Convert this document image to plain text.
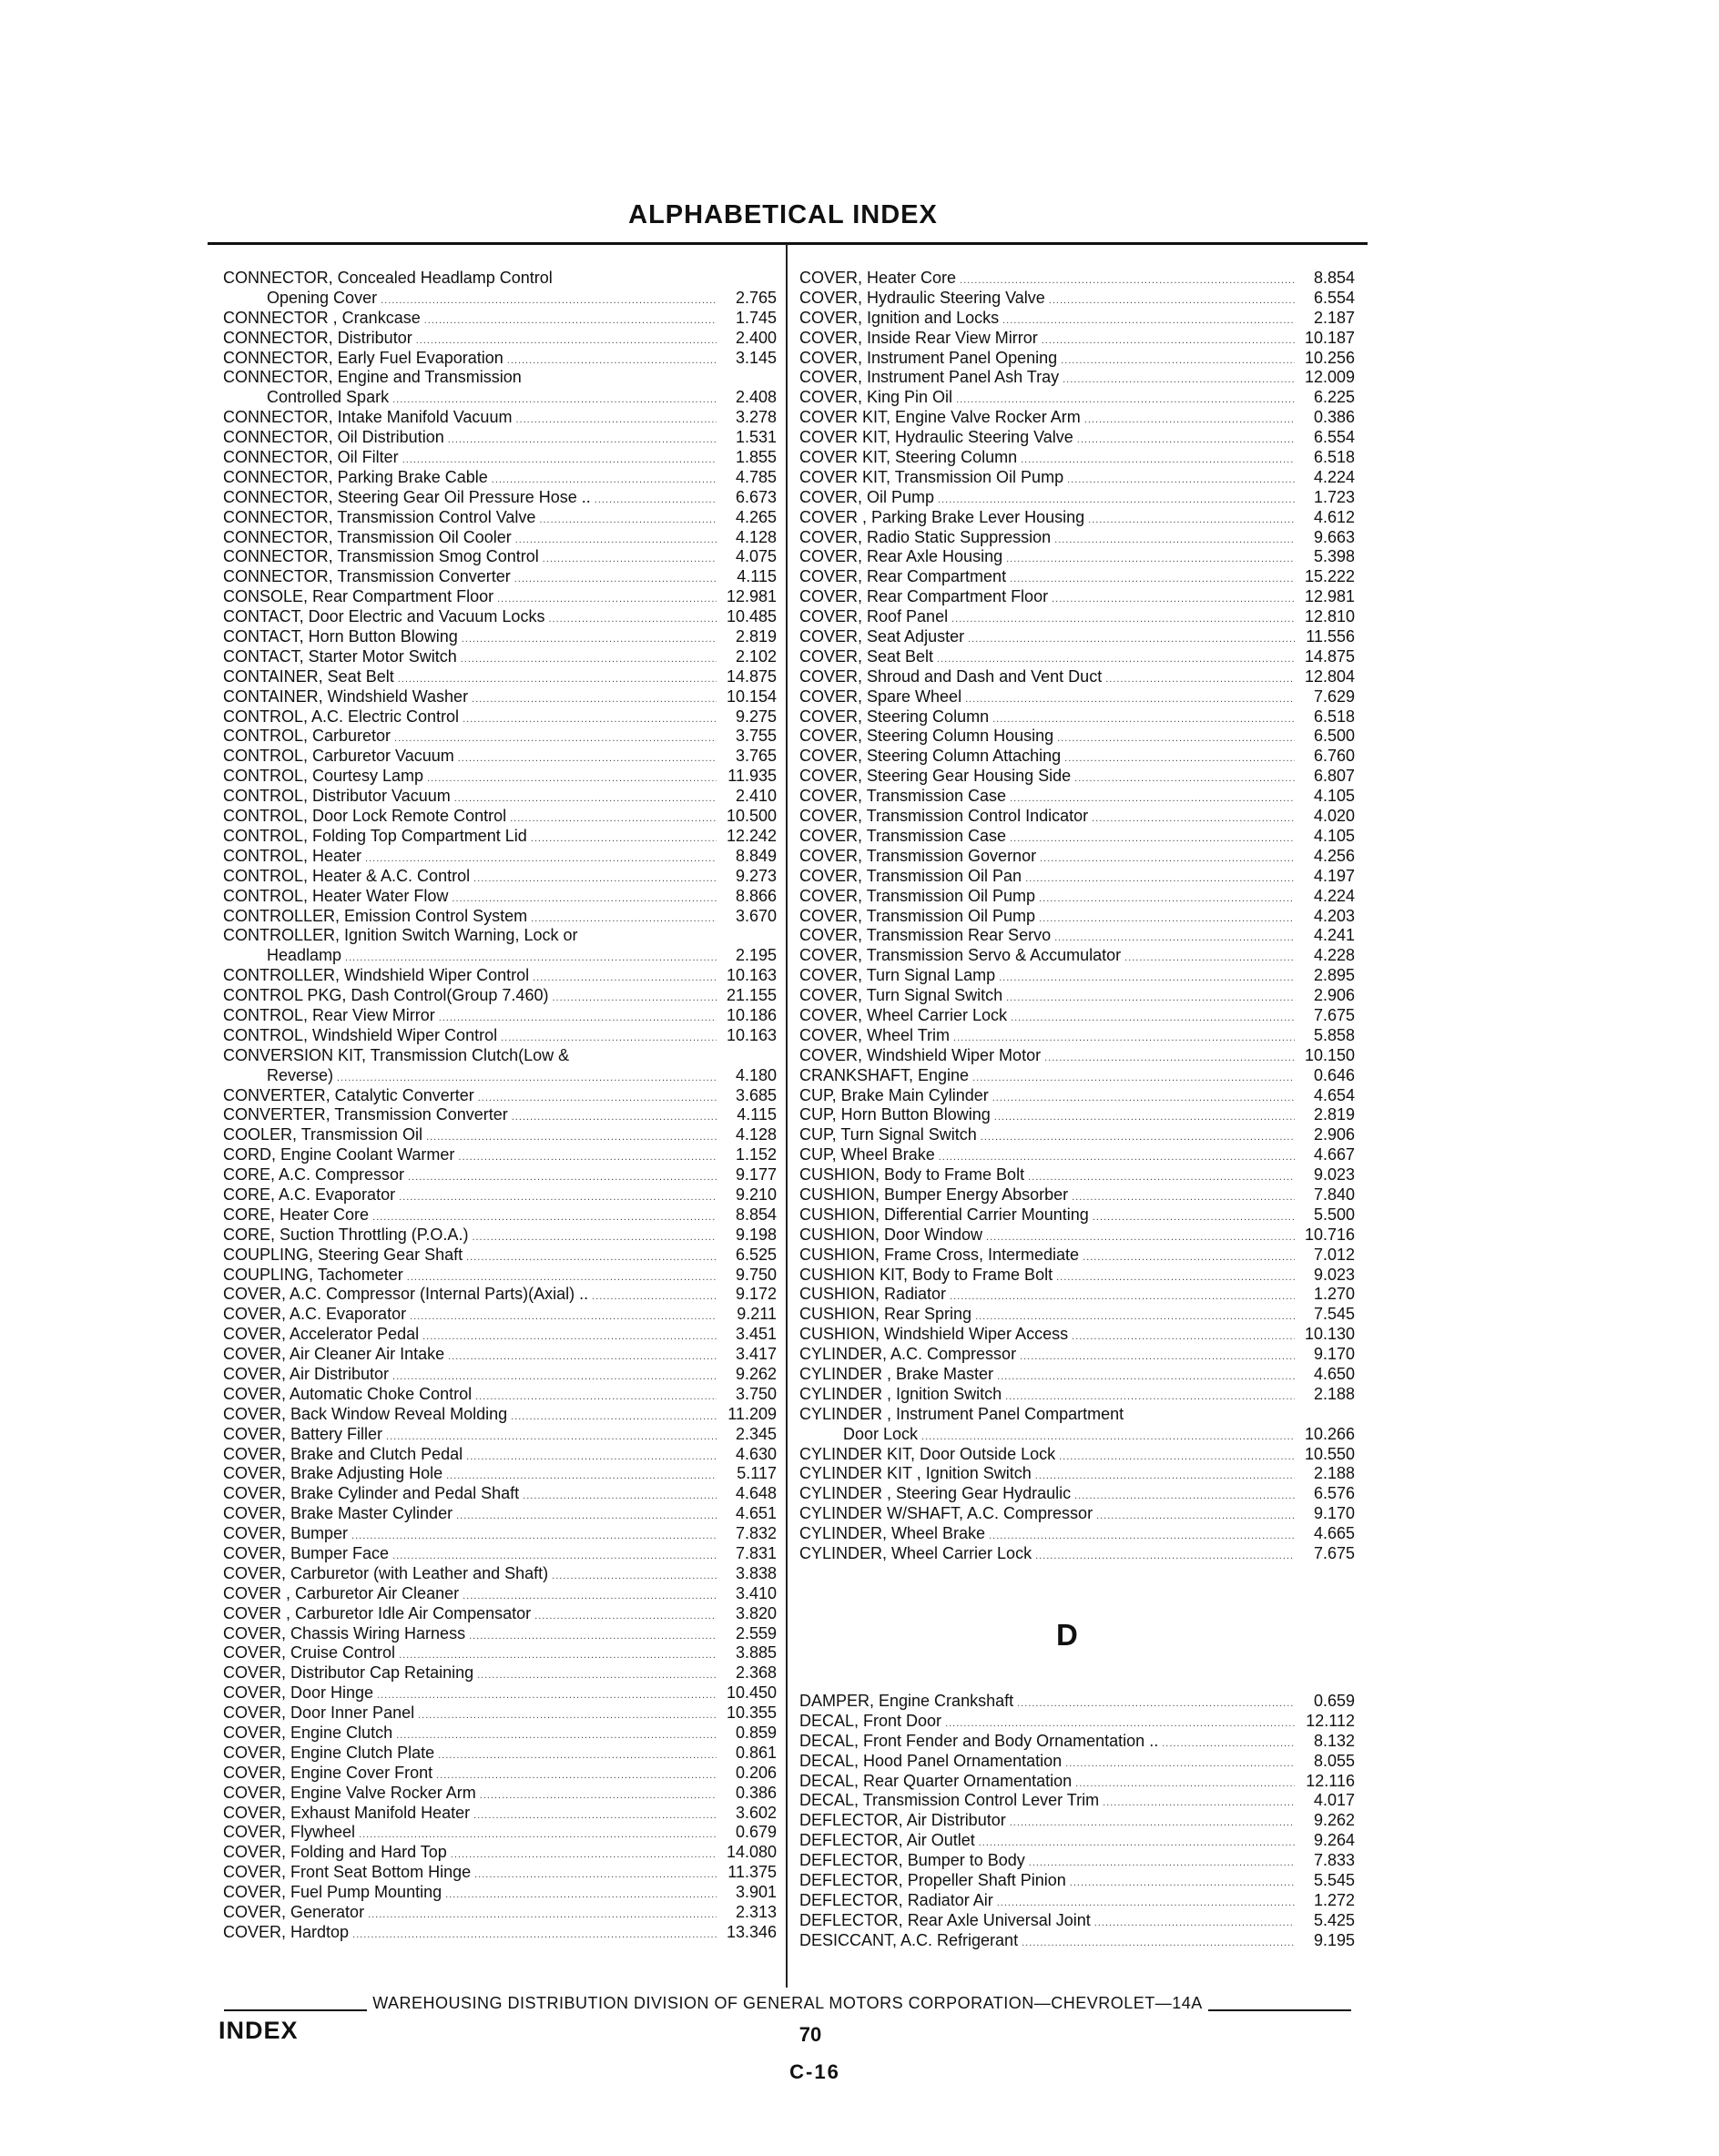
ALPHABETICAL INDEX
CONNECTOR, Concealed Headlamp Control
Opening Cover .....	2.765
CONNECTOR , Crankcase .....	1.745
CONNECTOR, Distributor .....	2.400
CONNECTOR, Early Fuel Evaporation .....	3.145
CONNECTOR, Engine and Transmission
Controlled Spark .....	2.408
CONNECTOR, Intake Manifold Vacuum .....	3.278
CONNECTOR, Oil Distribution .....	1.531
CONNECTOR, Oil Filter .....	1.855
CONNECTOR, Parking Brake Cable .....	4.785
CONNECTOR, Steering Gear Oil Pressure Hose .. .....	6.673
CONNECTOR, Transmission Control Valve .....	4.265
CONNECTOR, Transmission Oil Cooler .....	4.128
CONNECTOR, Transmission Smog Control .....	4.075
CONNECTOR, Transmission Converter .....	4.115
CONSOLE, Rear Compartment Floor .....	12.981
CONTACT, Door Electric and Vacuum Locks .....	10.485
CONTACT, Horn Button Blowing .....	2.819
CONTACT, Starter Motor Switch .....	2.102
CONTAINER, Seat Belt .....	14.875
CONTAINER, Windshield Washer .....	10.154
CONTROL, A.C. Electric Control .....	9.275
CONTROL, Carburetor .....	3.755
CONTROL, Carburetor Vacuum .....	3.765
CONTROL, Courtesy Lamp .....	11.935
CONTROL, Distributor Vacuum .....	2.410
CONTROL, Door Lock Remote Control .....	10.500
CONTROL, Folding Top Compartment Lid .....	12.242
CONTROL, Heater .....	8.849
CONTROL, Heater & A.C. Control .....	9.273
CONTROL, Heater Water Flow .....	8.866
CONTROLLER, Emission Control System .....	3.670
CONTROLLER, Ignition Switch Warning, Lock or
Headlamp .....	2.195
CONTROLLER, Windshield Wiper Control .....	10.163
CONTROL PKG, Dash Control(Group 7.460) .....	21.155
CONTROL, Rear View Mirror .....	10.186
CONTROL, Windshield Wiper Control .....	10.163
CONVERSION KIT, Transmission Clutch(Low &
Reverse) .....	4.180
CONVERTER, Catalytic Converter .....	3.685
CONVERTER, Transmission Converter .....	4.115
COOLER, Transmission Oil .....	4.128
CORD, Engine Coolant Warmer .....	1.152
CORE, A.C. Compressor .....	9.177
CORE, A.C. Evaporator .....	9.210
CORE, Heater Core .....	8.854
CORE, Suction Throttling (P.O.A.) .....	9.198
COUPLING, Steering Gear Shaft .....	6.525
COUPLING, Tachometer .....	9.750
COVER, A.C. Compressor (Internal Parts)(Axial) .. .....	9.172
COVER, A.C. Evaporator .....	9.211
COVER, Accelerator Pedal .....	3.451
COVER, Air Cleaner Air Intake .....	3.417
COVER, Air Distributor .....	9.262
COVER, Automatic Choke Control .....	3.750
COVER, Back Window Reveal Molding .....	11.209
COVER, Battery Filler .....	2.345
COVER, Brake and Clutch Pedal .....	4.630
COVER, Brake Adjusting Hole .....	5.117
COVER, Brake Cylinder and Pedal Shaft .....	4.648
COVER, Brake Master Cylinder .....	4.651
COVER, Bumper .....	7.832
COVER, Bumper Face .....	7.831
COVER, Carburetor (with Leather and Shaft) .....	3.838
COVER , Carburetor Air Cleaner .....	3.410
COVER , Carburetor Idle Air Compensator .....	3.820
COVER, Chassis Wiring Harness .....	2.559
COVER, Cruise Control .....	3.885
COVER, Distributor Cap Retaining .....	2.368
COVER, Door Hinge .....	10.450
COVER, Door Inner Panel .....	10.355
COVER, Engine Clutch .....	0.859
COVER, Engine Clutch Plate .....	0.861
COVER, Engine Cover Front .....	0.206
COVER, Engine Valve Rocker Arm .....	0.386
COVER, Exhaust Manifold Heater .....	3.602
COVER, Flywheel .....	0.679
COVER, Folding and Hard Top .....	14.080
COVER, Front Seat Bottom Hinge .....	11.375
COVER, Fuel Pump Mounting .....	3.901
COVER, Generator .....	2.313
COVER, Hardtop .....	13.346
COVER, Heater Core .....	8.854
COVER, Hydraulic Steering Valve .....	6.554
COVER, Ignition and Locks .....	2.187
COVER, Inside Rear View Mirror .....	10.187
COVER, Instrument Panel Opening .....	10.256
COVER, Instrument Panel Ash Tray .....	12.009
COVER, King Pin Oil .....	6.225
COVER KIT, Engine Valve Rocker Arm .....	0.386
COVER KIT, Hydraulic Steering Valve .....	6.554
COVER KIT, Steering Column .....	6.518
COVER KIT, Transmission Oil Pump .....	4.224
COVER, Oil Pump .....	1.723
COVER , Parking Brake Lever Housing .....	4.612
COVER, Radio Static Suppression .....	9.663
COVER, Rear Axle Housing .....	5.398
COVER, Rear Compartment .....	15.222
COVER, Rear Compartment Floor .....	12.981
COVER, Roof Panel .....	12.810
COVER, Seat Adjuster .....	11.556
COVER, Seat Belt .....	14.875
COVER, Shroud and Dash and Vent Duct .....	12.804
COVER, Spare Wheel .....	7.629
COVER, Steering Column .....	6.518
COVER, Steering Column Housing .....	6.500
COVER, Steering Column Attaching .....	6.760
COVER, Steering Gear Housing Side .....	6.807
COVER, Transmission Case .....	4.105
COVER, Transmission Control Indicator .....	4.020
COVER, Transmission Case .....	4.105
COVER, Transmission Governor .....	4.256
COVER, Transmission Oil Pan .....	4.197
COVER, Transmission Oil Pump .....	4.224
COVER, Transmission Oil Pump .....	4.203
COVER, Transmission Rear Servo .....	4.241
COVER, Transmission Servo & Accumulator .....	4.228
COVER, Turn Signal Lamp .....	2.895
COVER, Turn Signal Switch .....	2.906
COVER, Wheel Carrier Lock .....	7.675
COVER, Wheel Trim .....	5.858
COVER, Windshield Wiper Motor .....	10.150
CRANKSHAFT, Engine .....	0.646
CUP, Brake Main Cylinder .....	4.654
CUP, Horn Button Blowing .....	2.819
CUP, Turn Signal Switch .....	2.906
CUP, Wheel Brake .....	4.667
CUSHION, Body to Frame Bolt .....	9.023
CUSHION, Bumper Energy Absorber .....	7.840
CUSHION, Differential Carrier Mounting .....	5.500
CUSHION, Door Window .....	10.716
CUSHION, Frame Cross, Intermediate .....	7.012
CUSHION KIT, Body to Frame Bolt .....	9.023
CUSHION, Radiator .....	1.270
CUSHION, Rear Spring .....	7.545
CUSHION, Windshield Wiper Access .....	10.130
CYLINDER, A.C. Compressor .....	9.170
CYLINDER , Brake Master .....	4.650
CYLINDER , Ignition Switch .....	2.188
CYLINDER , Instrument Panel Compartment
Door Lock .....	10.266
CYLINDER KIT, Door Outside Lock .....	10.550
CYLINDER KIT , Ignition Switch .....	2.188
CYLINDER , Steering Gear Hydraulic .....	6.576
CYLINDER W/SHAFT, A.C. Compressor .....	9.170
CYLINDER, Wheel Brake .....	4.665
CYLINDER, Wheel Carrier Lock .....	7.675
D
DAMPER, Engine Crankshaft .....	0.659
DECAL, Front Door .....	12.112
DECAL, Front Fender and Body Ornamentation .. .....	8.132
DECAL, Hood Panel Ornamentation .....	8.055
DECAL, Rear Quarter Ornamentation .....	12.116
DECAL, Transmission Control Lever Trim .....	4.017
DEFLECTOR, Air Distributor .....	9.262
DEFLECTOR, Air Outlet .....	9.264
DEFLECTOR, Bumper to Body .....	7.833
DEFLECTOR, Propeller Shaft Pinion .....	5.545
DEFLECTOR, Radiator Air .....	1.272
DEFLECTOR, Rear Axle Universal Joint .....	5.425
DESICCANT, A.C. Refrigerant .....	9.195
WAREHOUSING DISTRIBUTION DIVISION OF GENERAL MOTORS CORPORATION—CHEVROLET—14A
INDEX	70
C-16
